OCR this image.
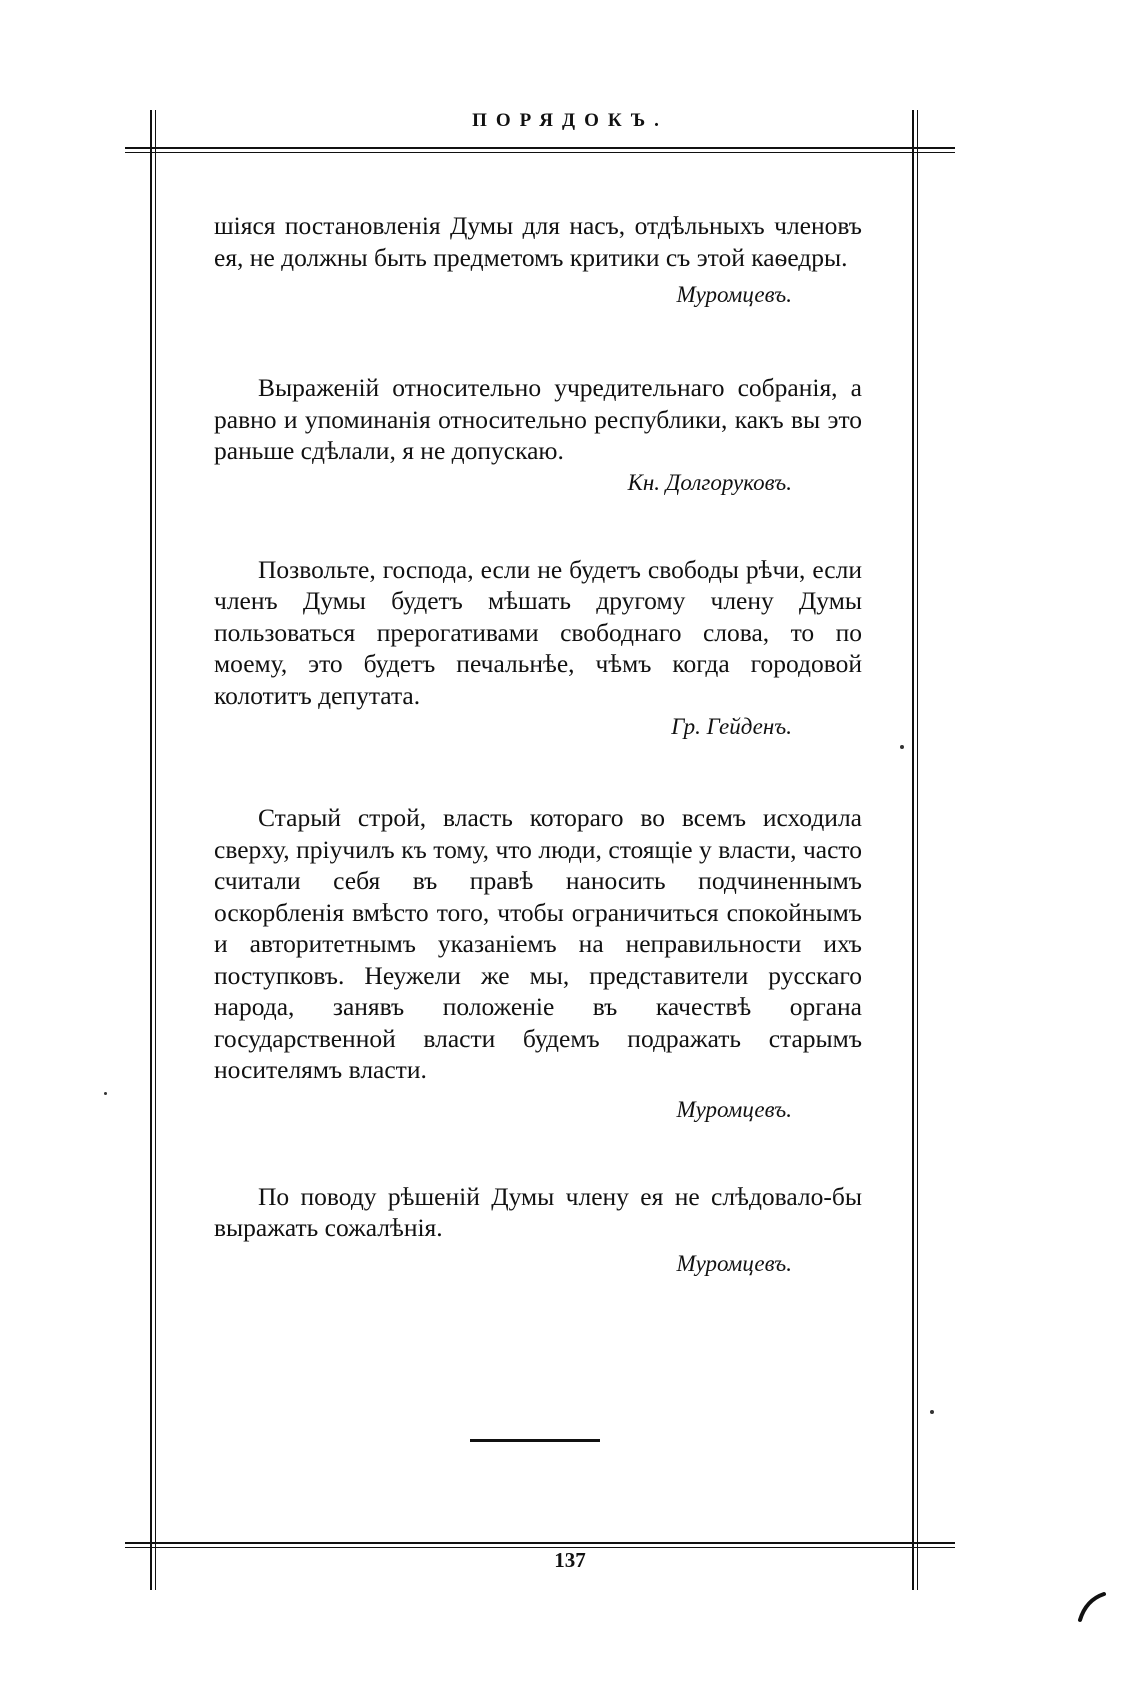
ПОРЯДОКЪ.

шіяся постановленія Думы для насъ, отдѣльныхъ членовъ ея, не должны быть предметомъ критики съ этой каѳедры.

Муромцевъ.

Выраженій относительно учредительнаго собранія, а равно и упоминанія относительно республики, какъ вы это раньше сдѣлали, я не допускаю.

Кн. Долгоруковъ.

Позвольте, господа, если не будетъ свободы рѣчи, если членъ Думы будетъ мѣшать другому члену Думы пользоваться прерогативами свободнаго слова, то по моему, это будетъ печальнѣе, чѣмъ когда городовой колотитъ депутата.

Гр. Гейденъ.

Старый строй, власть котораго во всемъ исходила сверху, пріучилъ къ тому, что люди, стоящіе у власти, часто считали себя въ правѣ наносить подчиненнымъ оскорбленія вмѣсто того, чтобы ограничиться спокойнымъ и авторитетнымъ указаніемъ на неправильности ихъ поступковъ. Неужели же мы, представители русскаго народа, занявъ положеніе въ качествѣ органа государственной власти будемъ подражать старымъ носителямъ власти.

Муромцевъ.

По поводу рѣшеній Думы члену ея не слѣдовало-бы выражать сожалѣнія.

Муромцевъ.

137
